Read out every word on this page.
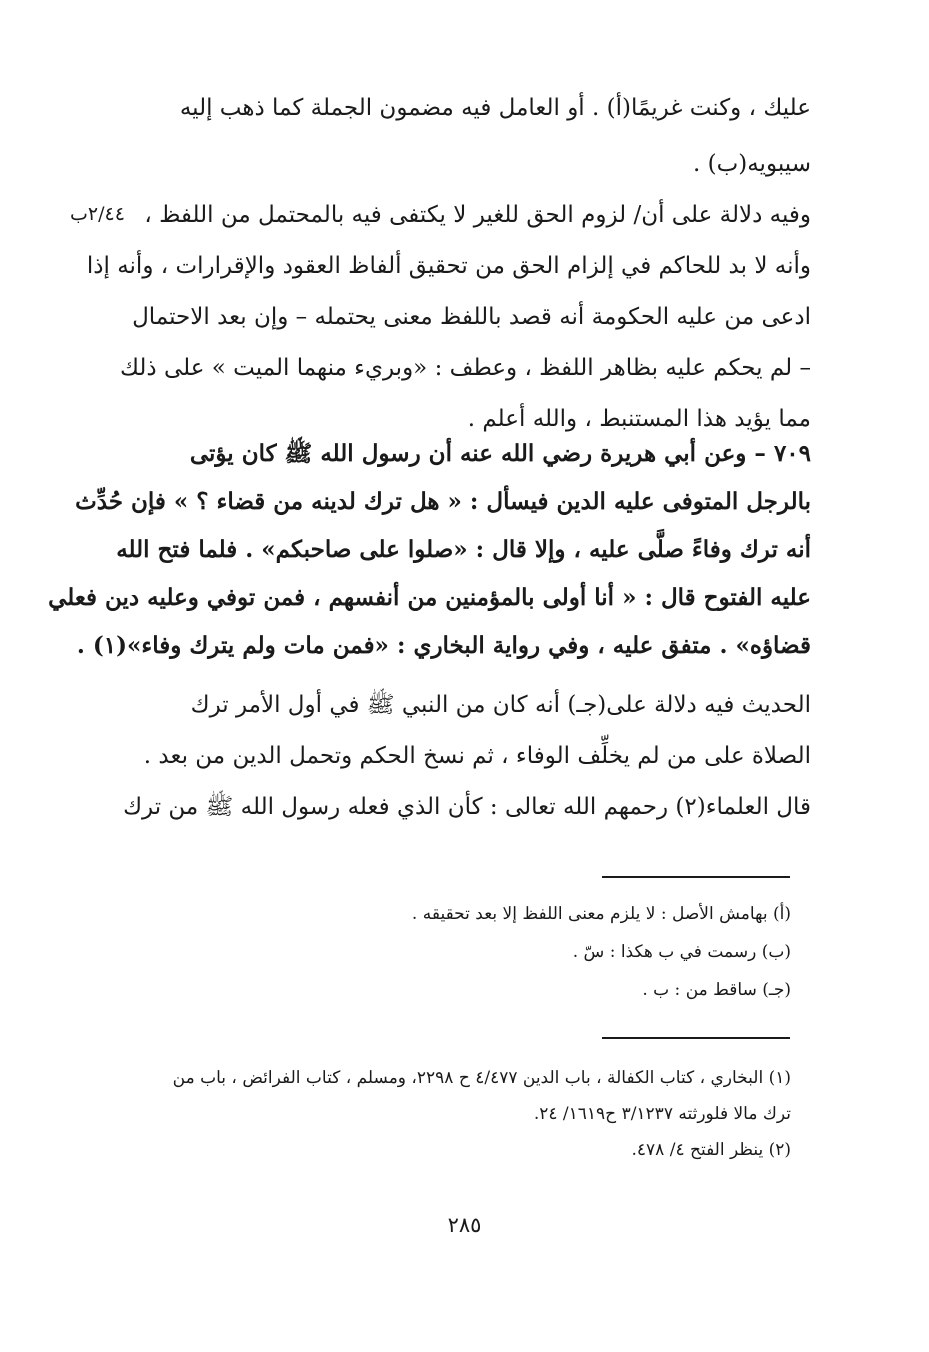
عليك ، وكنت غريمًا(أ) . أو العامل فيه مضمون الجملة كما ذهب إليه
سيبويه(ب) .
٢/٤٤ب وفيه دلالة على أن/ لزوم الحق للغير لا يكتفى فيه بالمحتمل من اللفظ ،
وأنه لا بد للحاكم في إلزام الحق من تحقيق ألفاظ العقود والإقرارات ، وأنه إذا
ادعى من عليه الحكومة أنه قصد باللفظ معنى يحتمله – وإن بعد الاحتمال
– لم يحكم عليه بظاهر اللفظ ، وعطف : «وبريء منهما الميت » على ذلك
مما يؤيد هذا المستنبط ، والله أعلم .
٧٠٩ – وعن أبي هريرة رضي الله عنه أن رسول الله ﷺ كان يؤتى
بالرجل المتوفى عليه الدين فيسأل : « هل ترك لدينه من قضاء ؟ » فإن حُدِّث
أنه ترك وفاءً صلَّى عليه ، وإلا قال : «صلوا على صاحبكم» . فلما فتح الله
عليه الفتوح قال : « أنا أولى بالمؤمنين من أنفسهم ، فمن توفي وعليه دين فعلي
قضاؤه» . متفق عليه ، وفي رواية البخاري : «فمن مات ولم يترك وفاء»(١) .
الحديث فيه دلالة على(جـ) أنه كان من النبي ﷺ في أول الأمر ترك
الصلاة على من لم يخلِّف الوفاء ، ثم نسخ الحكم وتحمل الدين من بعد .
قال العلماء(٢) رحمهم الله تعالى : كأن الذي فعله رسول الله ﷺ من ترك
(أ) بهامش الأصل : لا يلزم معنى اللفظ إلا بعد تحقيقه .
(ب) رسمت في ب هكذا : سّ .
(جـ) ساقط من : ب .
(١) البخاري ، كتاب الكفالة ، باب الدين ٤/٤٧٧ ح ٢٢٩٨، ومسلم ، كتاب الفرائض ، باب من
ترك مالا فلورثته ٣/١٢٣٧ ح١٦١٩/ ٢٤.
(٢) ينظر الفتح ٤/ ٤٧٨.
٢٨٥
